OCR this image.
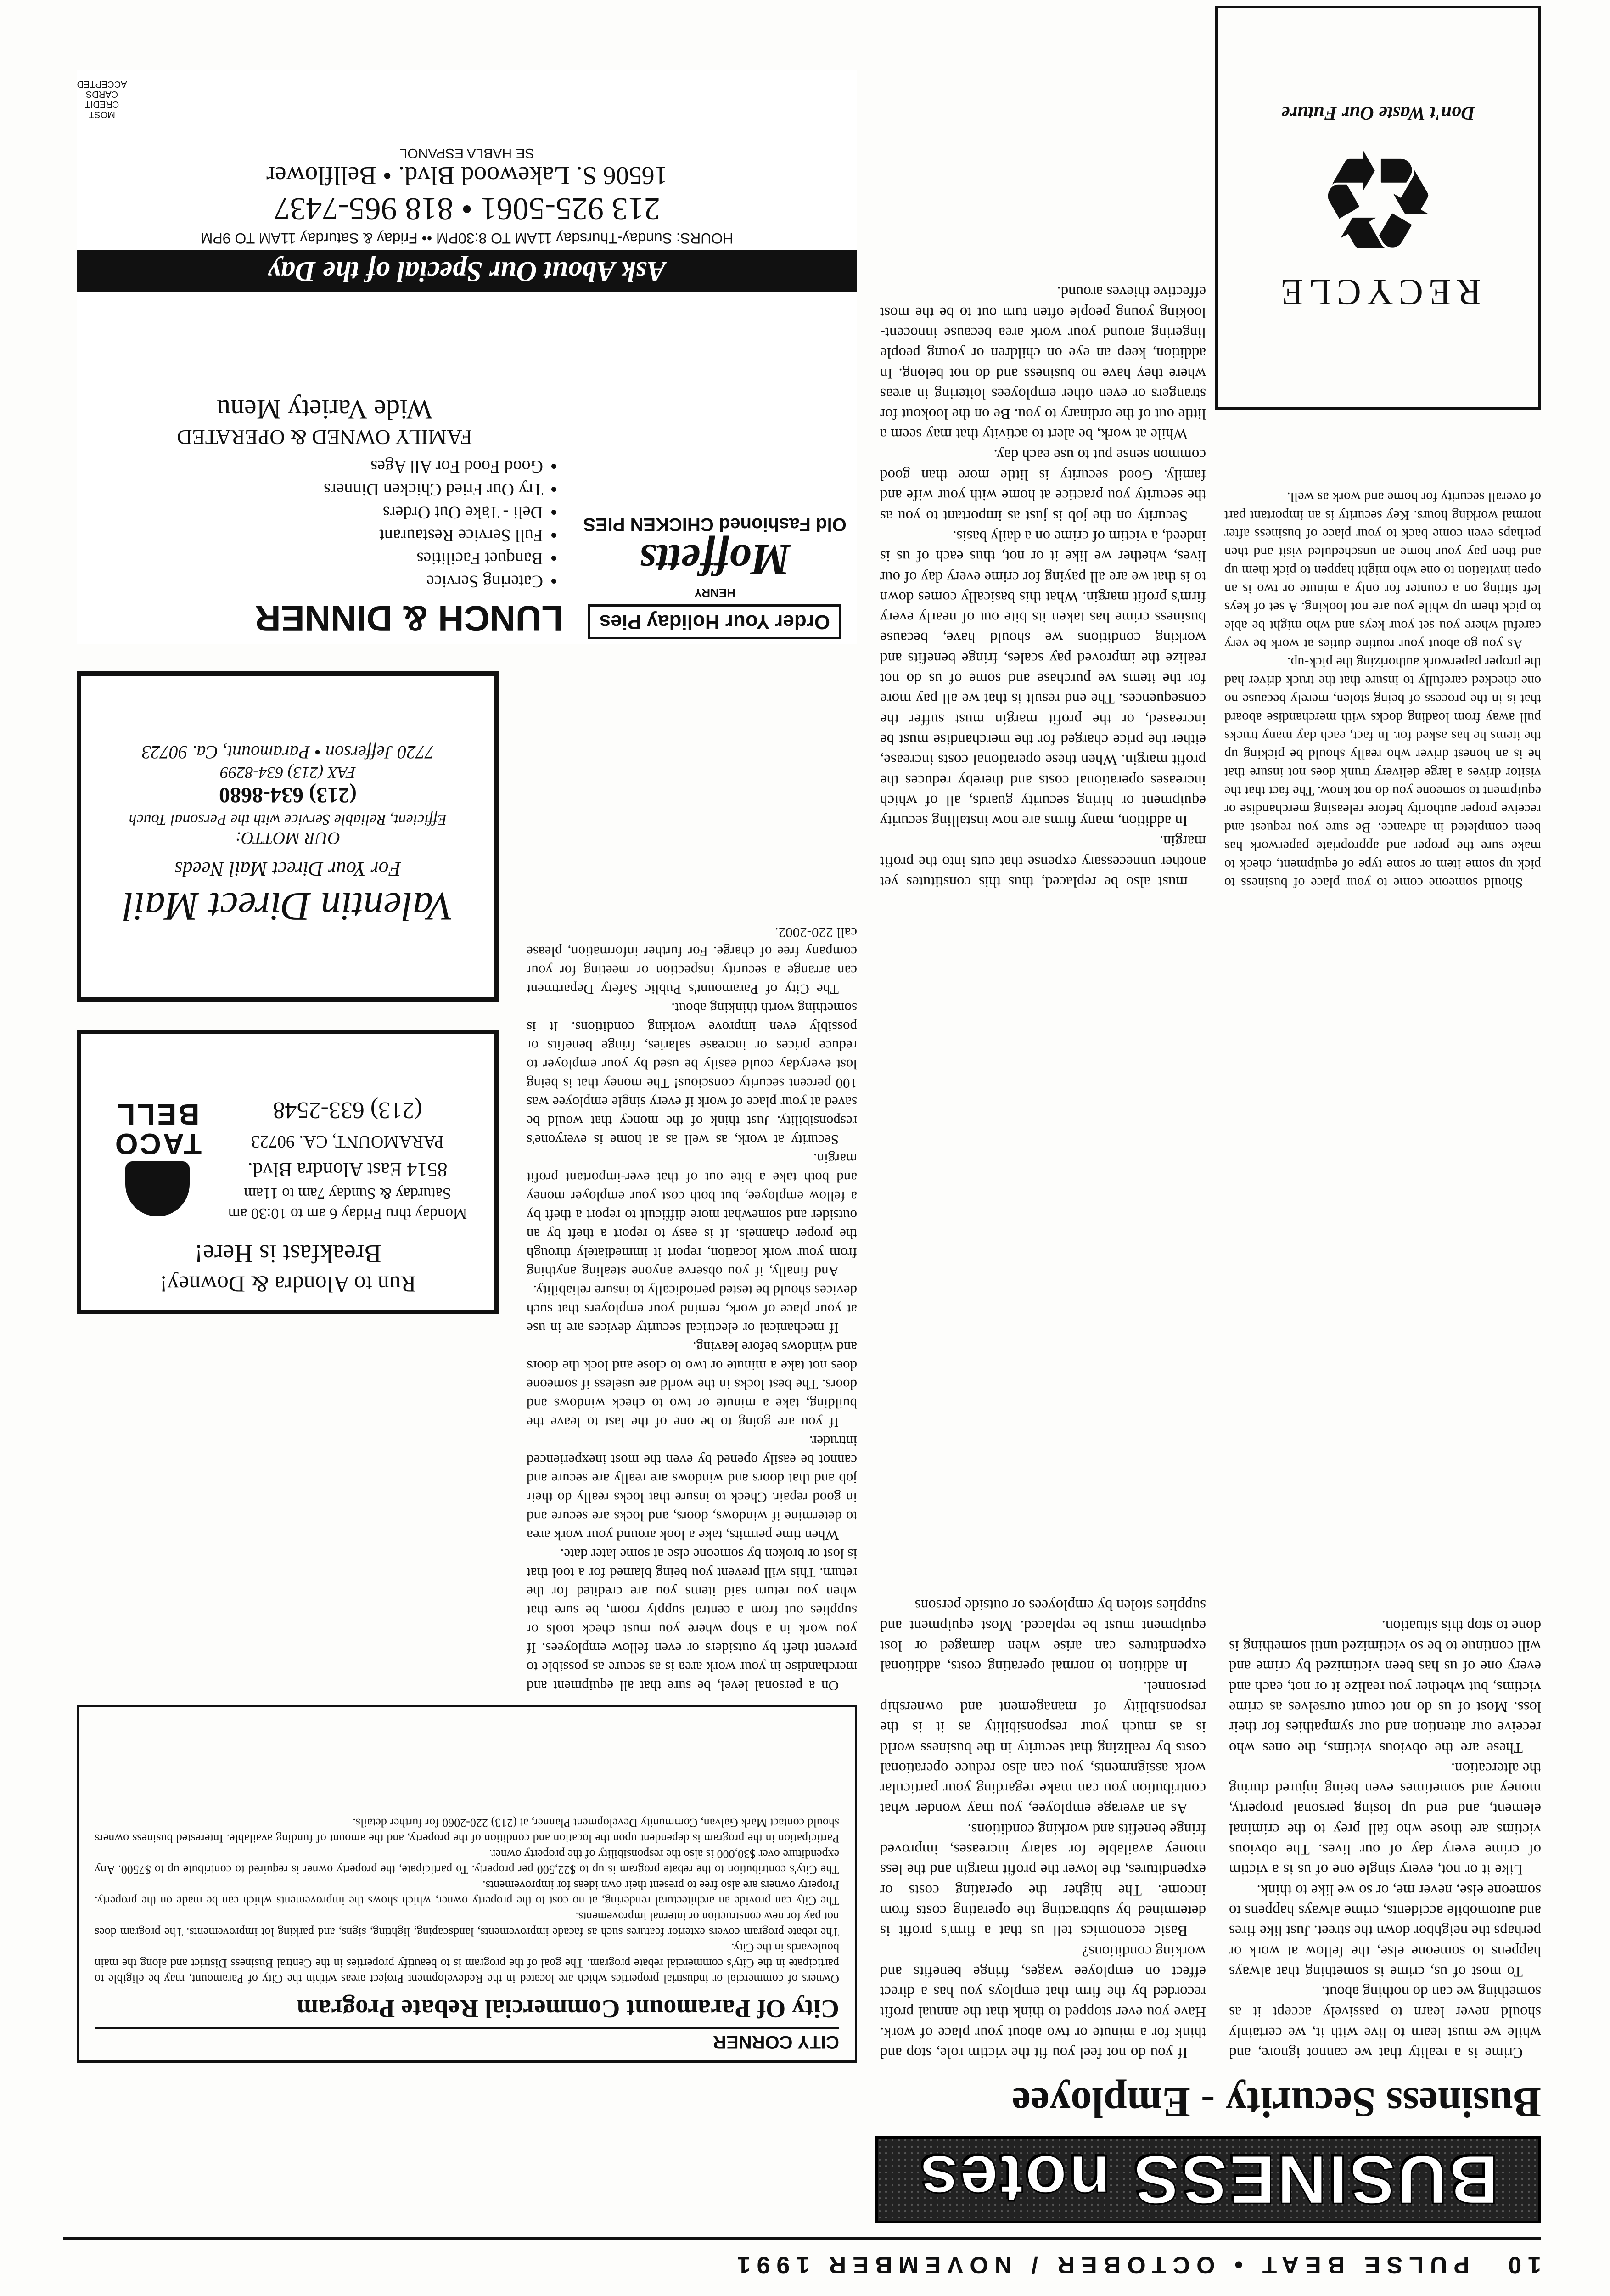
10
PULSE BEAT • OCTOBER / NOVEMBER 1991
BUSINESS notes
Business Security - Employee

Crime is a reality that we cannot ignore, and while we must learn to live with it, we certainly should never learn to passively accept it as something we can do nothing about.

To most of us, crime is something that always happens to someone else, the fellow at work or perhaps the neighbor down the street. Just like fires and automobile accidents, crime always happens to someone else, never me, or so we like to think.

Like it or not, every single one of us is a victim of crime every day of our lives. The obvious victims are those who fall prey to the criminal element, and end up losing personal property, money and sometimes even being injured during the altercation.

These are the obvious victims, the ones who receive our attention and our sympathies for their loss. Most of us do not count ourselves as crime victims, but whether you realize it or not, each and every one of us has been victimized by crime and will continue to be so victimized until something is done to stop this situation.

If you do not feel you fit the victim role, stop and think for a minute or two about your place of work. Have you ever stopped to think that the annual profit recorded by the firm that employs you has a direct effect on employee wages, fringe benefits and working conditions?

Basic economics tell us that a firm's profit is determined by subtracting the operating costs from income. The higher the operating costs or expenditures, the lower the profit margin and the less money available for salary increases, improved fringe benefits and working conditions.

As an average employee, you may wonder what contribution you can make regarding your particular work assignments, you can also reduce operational costs by realizing that security in the business world is as much your responsibility as it is the responsibility of management and ownership personnel.

In addition to normal operating costs, additional expenditures can arise when damaged or lost equipment must be replaced. Most equipment and supplies stolen by employees or outside persons

CITY CORNER
City Of Paramount Commercial Rebate Program

Owners of commercial or industrial properties which are located in the Redevelopment Project areas within the City of Paramount, may be eligible to participate in the City's commercial rebate program. The goal of the program is to beautify properties in the Central Business District and along the main boulevards in the City.

The rebate program covers exterior features such as facade improvements, landscaping, lighting, signs, and parking lot improvements. The program does not pay for new construction or internal improvements.

The City can provide an architectural rendering, at no cost to the property owner, which shows the improvements which can be made on the property. Property owners are also free to present their own ideas for improvements.

The City's contribution to the rebate program is up to $22,500 per property. To participate, the property owner is required to contribute up to $7500. Any expenditure over $30,000 is also the responsibility of the property owner.

Participation in the program is dependent upon the location and condition of the property, and the amount of funding available. Interested business owners should contact Mark Galvan, Community Development Planner, at (213) 220-2060 for further details.

must also be replaced, thus this constitutes yet another unnecessary expense that cuts into the profit margin.

In addition, many firms are now installing security equipment or hiring security guards, all of which increases operational costs and thereby reduces the profit margin. When these operational costs increase, either the price charged for the merchandise must be increased, or the profit margin must suffer the consequences. The end result is that we all pay more for the items we purchase and some of us do not realize the improved pay scales, fringe benefits and working conditions we should have, because business crime has taken its bite out of nearly every firm's profit margin. What this basically comes down to is that we are all paying for crime every day of our lives, whether we like it or not, thus each of us is indeed, a victim of crime on a daily basis.

Security on the job is just as important to you as the security you practice at home with your wife and family. Good security is little more than good common sense put to use each day.

While at work, be alert to activity that may seem a little out of the ordinary to you. Be on the lookout for strangers or even other employees loitering in areas where they have no business and do not belong. In addition, keep an eye on children or young people lingering around your work area because innocent-looking young people often turn out to be the most effective thieves around.

Should someone come to your place of business to pick up some item or some type of equipment, check to make sure the proper and appropriate paperwork has been completed in advance. Be sure you request and receive proper authority before releasing merchandise or equipment to someone you do not know. The fact that the visitor drives a large delivery trunk does not insure that he is an honest driver who really should be picking up the items he has asked for. In fact, each day many trucks pull away from loading docks with merchandise aboard that is in the process of being stolen, merely because no one checked carefully to insure that the truck driver had the proper paperwork authorizing the pick-up.

As you go about your routine duties at work be very careful where you set your keys and who might be able to pick them up while you are not looking. A set of keys left sitting on a counter for only a minute or two is an open invitation to one who might happen to pick them up and then pay your home an unscheduled visit and then perhaps even come back to your place of business after normal working hours. Key security is an important part of overall security for home and work as well.

On a personal level, be sure that all equipment and merchandise in your work area is as secure as possible to prevent theft by outsiders or even fellow employees. If you work in a shop where you must check tools or supplies out from a central supply room, be sure that when you return said items you are credited for the return. This will prevent you being blamed for a tool that is lost or broken by someone else at some later date.

When time permits, take a look around your work area to determine if windows, doors, and locks are secure and in good repair. Check to insure that locks really do their job and that doors and windows are really are secure and cannot be easily opened by even the most inexperienced intruder.

If you are going to be one of the last to leave the building, take a minute or two to check windows and doors. The best locks in the world are useless if someone does not take a minute or two to close and lock the doors and windows before leaving.

If mechanical or electrical security devices are in use at your place of work, remind your employers that such devices should be tested periodically to insure reliability.

And finally, if you observe anyone stealing anything from your work location, report it immediately through the proper channels. It is easy to report a theft by an outsider and somewhat more difficult to report a theft by a fellow employee, but both cost your employer money and both take a bite out of that ever-important profit margin.

Security at work, as well as at home is everyone's responsibility. Just think of the money that would be saved at your place of work if every single employee was 100 percent security conscious! The money that is being lost everyday could easily be used by your employer to reduce prices or increase salaries, fringe benefits or possibly even improve working conditions. It is something worth thinking about.

The City of Paramount's Public Safety Department can arrange a security inspection or meeting for your company free of charge. For further information, please call 220-2002.

Run to Alondra & Downey!
Breakfast is Here!
Monday thru Friday 6 am to 10:30 am
Saturday & Sunday 7am to 11am
8514 East Alondra Blvd.
PARAMOUNT, CA. 90723
(213) 633-2548
TACO BELL
Valentin Direct Mail
For Your Direct Mail Needs
OUR MOTTO:
Efficient, Reliable Service with the Personal Touch
(213) 634-8680
FAX (213) 634-8299
7720 Jefferson • Paramount, Ca. 90723
Order Your Holiday Pies
HENRY
Moffetts
Old Fashioned CHICKEN PIES
LUNCH & DINNER
• Catering Service
• Banquet Facilities
• Full Service Restaurant
• Deli - Take Out Orders
• Try Our Fried Chicken Dinners
• Good Food For All Ages
FAMILY OWNED & OPERATED
Wide Variety Menu
Ask About Our Special of the Day
HOURS: Sunday-Thursday 11AM TO 8:30PM •• Friday & Saturday 11AM TO 9PM
213 925-5061 • 818 965-7437
16506 S. Lakewood Blvd. • Bellflower
SE HABLA ESPANOL
MOST CREDIT CARDS ACCEPTED
RECYCLE
♻
Don't Waste Our Future
